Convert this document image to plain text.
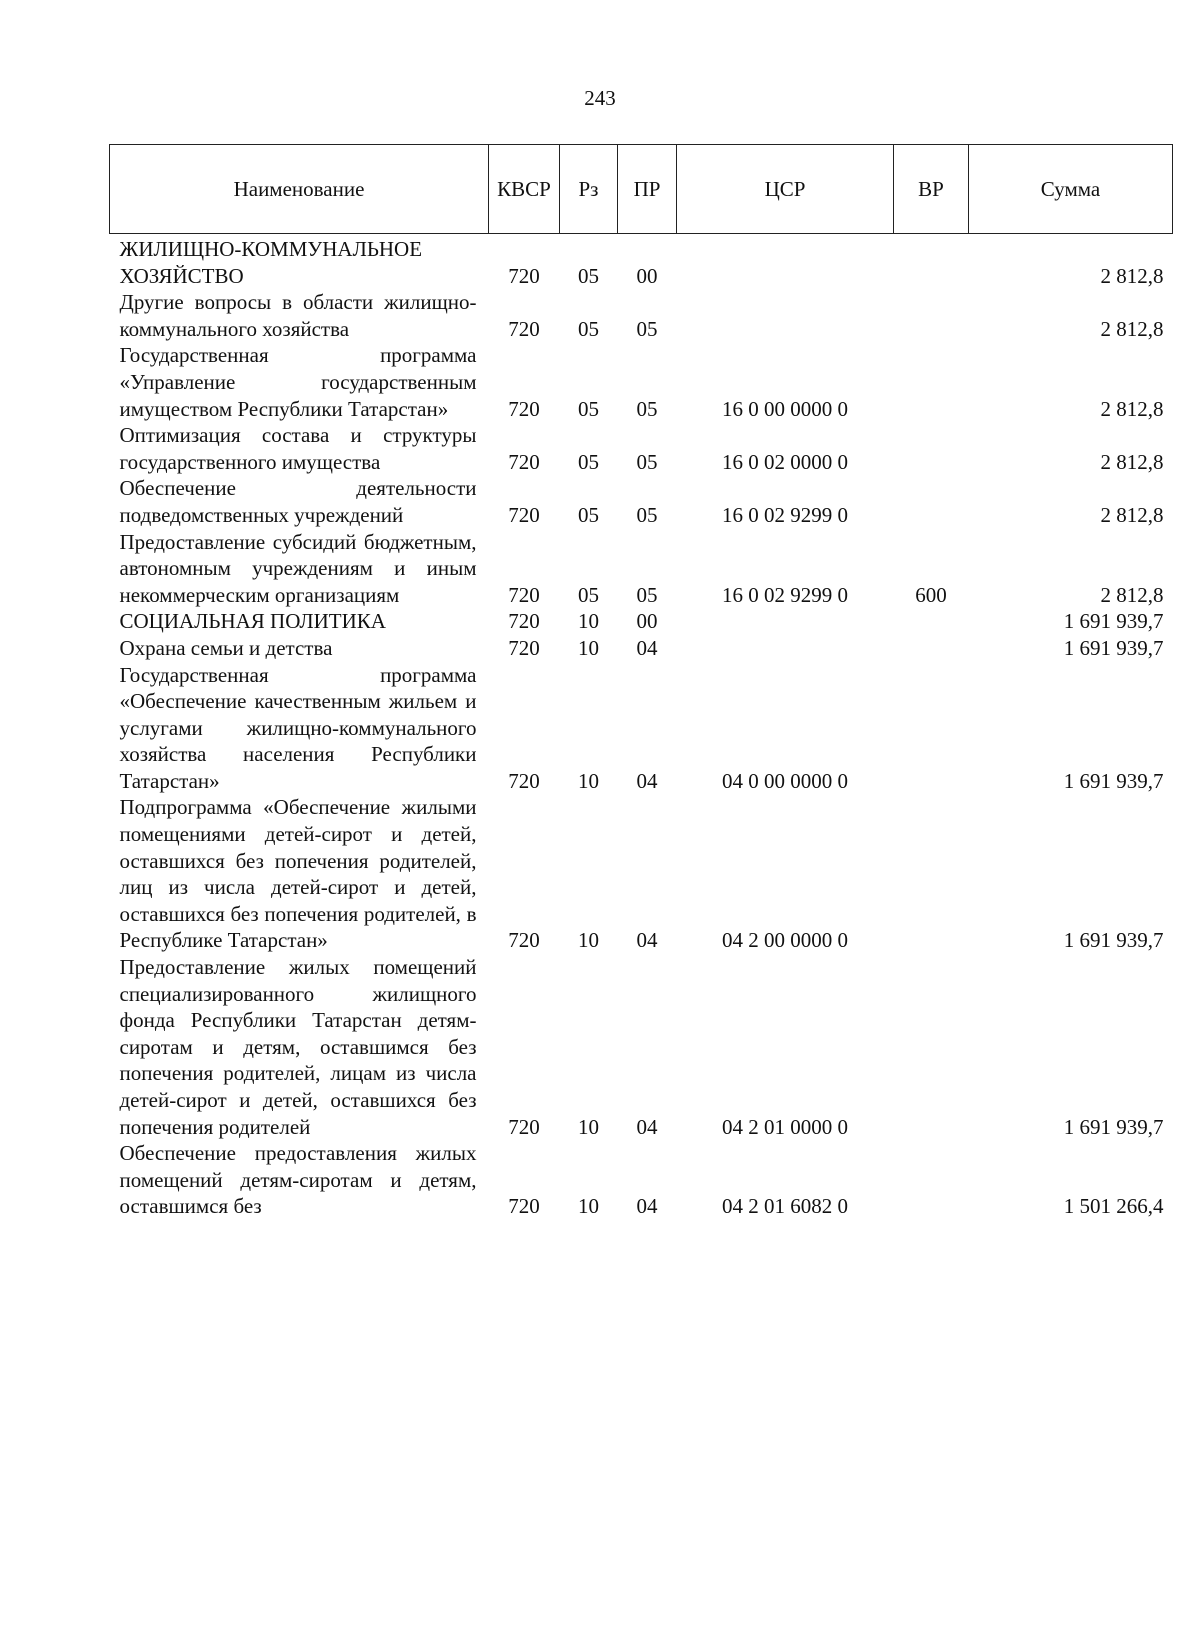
243
Наименование	КВСР	Рз	ПР	ЦСР	ВР	Сумма
ЖИЛИЩНО-КОММУНАЛЬНОЕ ХОЗЯЙСТВО	720	05	00			2 812,8
Другие вопросы в области жилищно-коммунального хозяйства	720	05	05			2 812,8
Государственная программа «Управление государственным имуществом Республики Татарстан»	720	05	05	16 0 00 0000 0		2 812,8
Оптимизация состава и структуры государственного имущества	720	05	05	16 0 02 0000 0		2 812,8
Обеспечение деятельности подведомственных учреждений	720	05	05	16 0 02 9299 0		2 812,8
Предоставление субсидий бюджетным, автономным учреждениям и иным некоммерческим организациям	720	05	05	16 0 02 9299 0	600	2 812,8
СОЦИАЛЬНАЯ ПОЛИТИКА	720	10	00			1 691 939,7
Охрана семьи и детства	720	10	04			1 691 939,7
Государственная программа «Обеспечение качественным жильем и услугами жилищно-коммунального хозяйства населения Республики Татарстан»	720	10	04	04 0 00 0000 0		1 691 939,7
Подпрограмма «Обеспечение жилыми помещениями детей-сирот и детей, оставшихся без попечения родителей, лиц из числа детей-сирот и детей, оставшихся без попечения родителей, в Республике Татарстан»	720	10	04	04 2 00 0000 0		1 691 939,7
Предоставление жилых помещений специализированного жилищного фонда Республики Татарстан детям-сиротам и детям, оставшимся без попечения родителей, лицам из числа детей-сирот и детей, оставшихся без попечения родителей	720	10	04	04 2 01 0000 0		1 691 939,7
Обеспечение предоставления жилых помещений детям-сиротам и детям, оставшимся без	720	10	04	04 2 01 6082 0		1 501 266,4
